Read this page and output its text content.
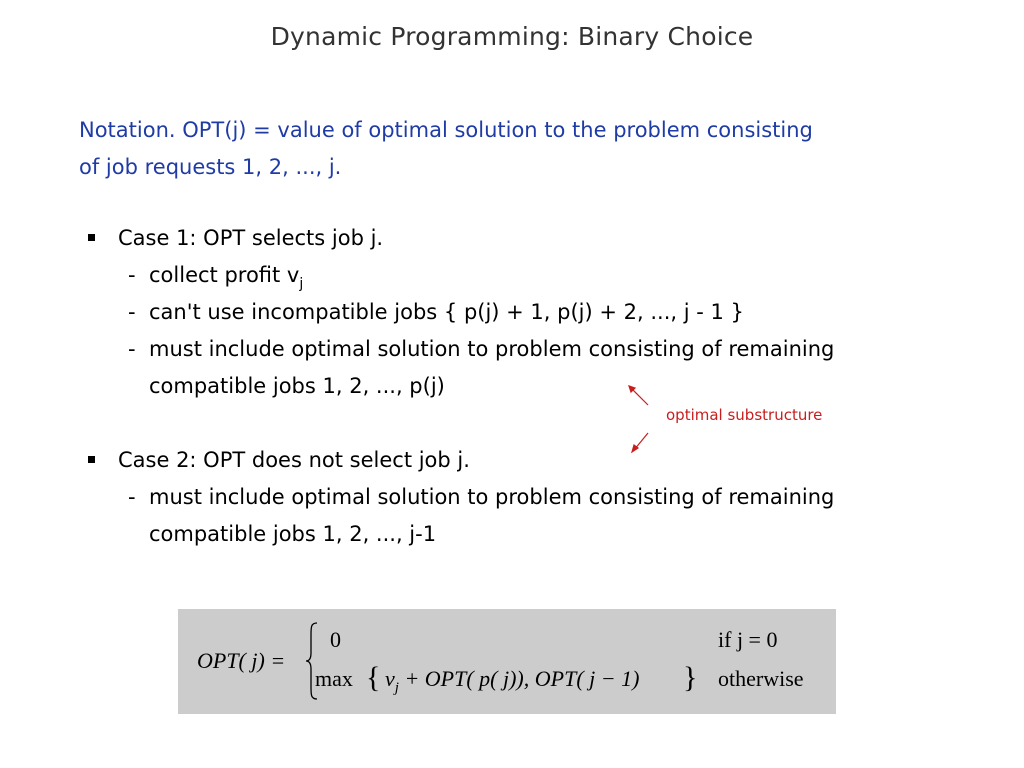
Dynamic Programming: Binary Choice
Notation. OPT(j) = value of optimal solution to the problem consisting
of job requests 1, 2, ..., j.
Case 1: OPT selects job j.
- collect profit $v_j$
- can't use incompatible jobs { p(j) + 1, p(j) + 2, ..., j - 1 }
- must include optimal solution to problem consisting of remaining
compatible jobs 1, 2, ..., p(j)
optimal substructure
Case 2: OPT does not select job j.
- must include optimal solution to problem consisting of remaining
compatible jobs 1, 2, ..., j-1
OPT( j) =
0	if j = 0
max { $v_j + OPT$( p( j)), OPT( j − 1) } otherwise
